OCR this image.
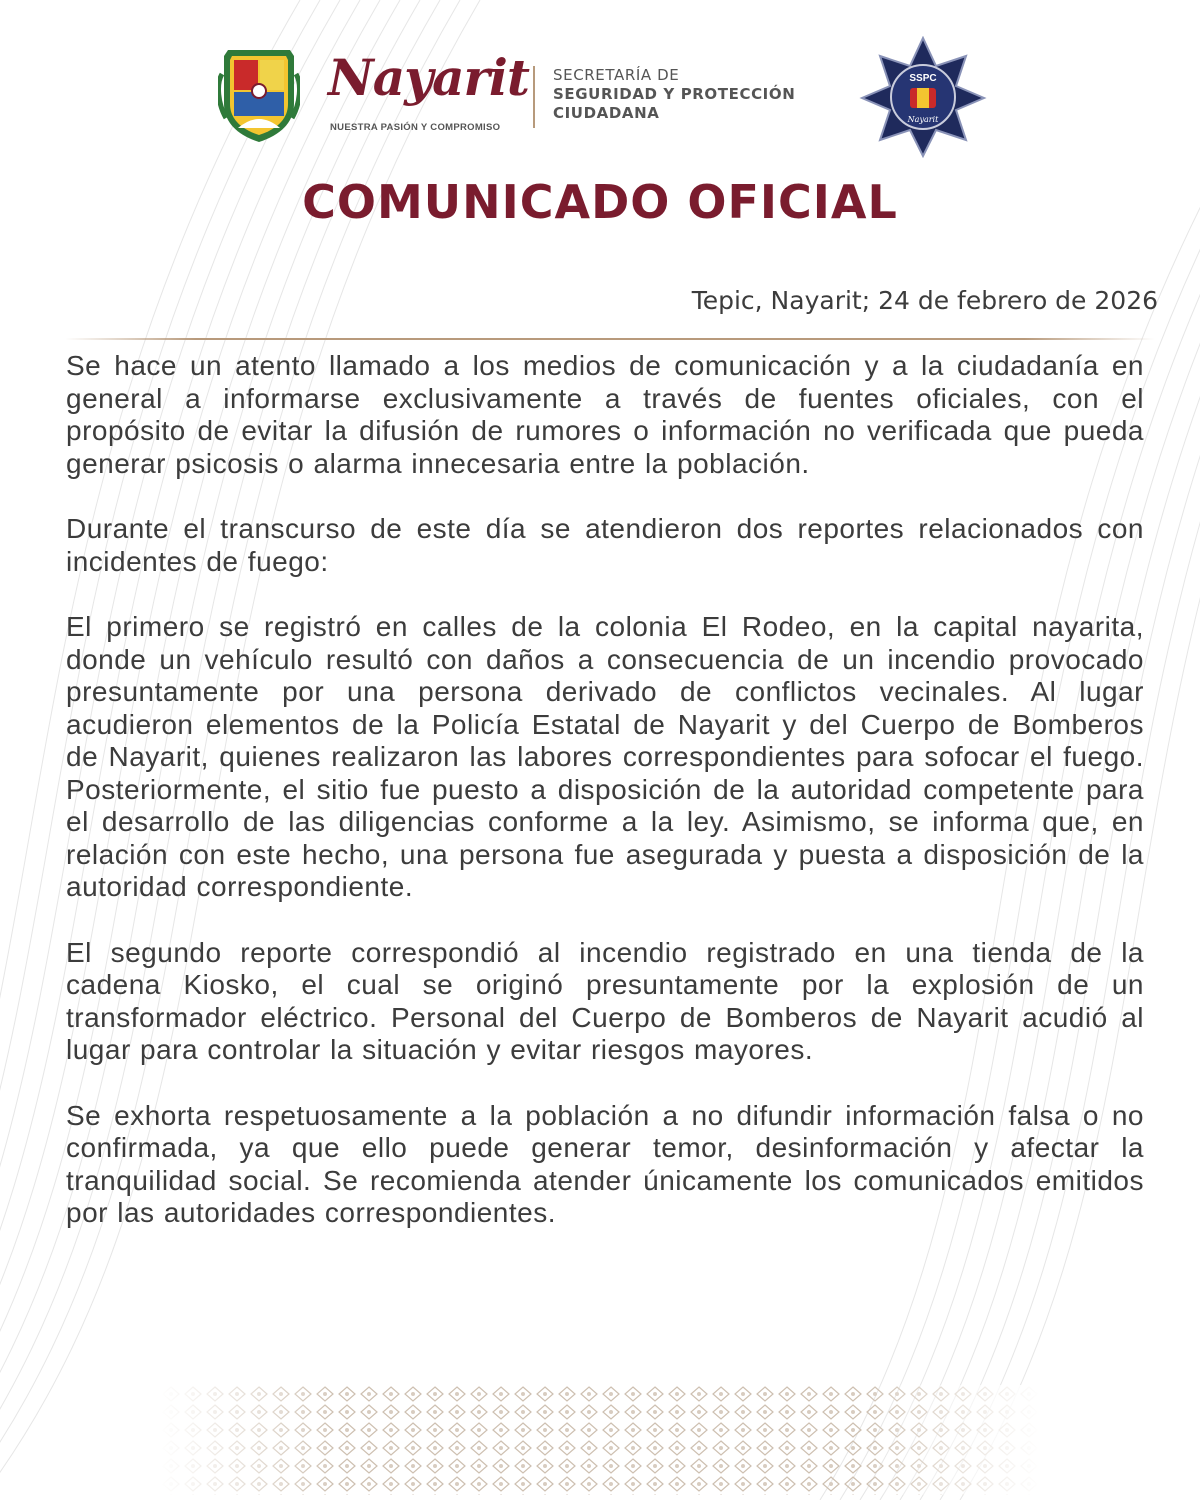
Nayarit
NUESTRA PASIÓN Y COMPROMISO
SECRETARÍA DE
SEGURIDAD Y PROTECCIÓN
CIUDADANA
SSPC
Nayarit
COMUNICADO OFICIAL
Tepic, Nayarit; 24 de febrero de 2026

Se hace un atento llamado a los medios de comunicación y a la ciudadanía en general a informarse exclusivamente a través de fuentes oficiales, con el propósito de evitar la difusión de rumores o información no verificada que pueda generar psicosis o alarma innecesaria entre la población.

Durante el transcurso de este día se atendieron dos reportes relacionados con incidentes de fuego:

El primero se registró en calles de la colonia El Rodeo, en la capital nayarita, donde un vehículo resultó con daños a consecuencia de un incendio provocado presuntamente por una persona derivado de conflictos vecinales. Al lugar acudieron elementos de la Policía Estatal de Nayarit y del Cuerpo de Bomberos de Nayarit, quienes realizaron las labores correspondientes para sofocar el fuego. Posteriormente, el sitio fue puesto a disposición de la autoridad competente para el desarrollo de las diligencias conforme a la ley. Asimismo, se informa que, en relación con este hecho, una persona fue asegurada y puesta a disposición de la autoridad correspondiente.

El segundo reporte correspondió al incendio registrado en una tienda de la cadena Kiosko, el cual se originó presuntamente por la explosión de un transformador eléctrico. Personal del Cuerpo de Bomberos de Nayarit acudió al lugar para controlar la situación y evitar riesgos mayores.

Se exhorta respetuosamente a la población a no difundir información falsa o no confirmada, ya que ello puede generar temor, desinformación y afectar la tranquilidad social. Se recomienda atender únicamente los comunicados emitidos por las autoridades correspondientes.
